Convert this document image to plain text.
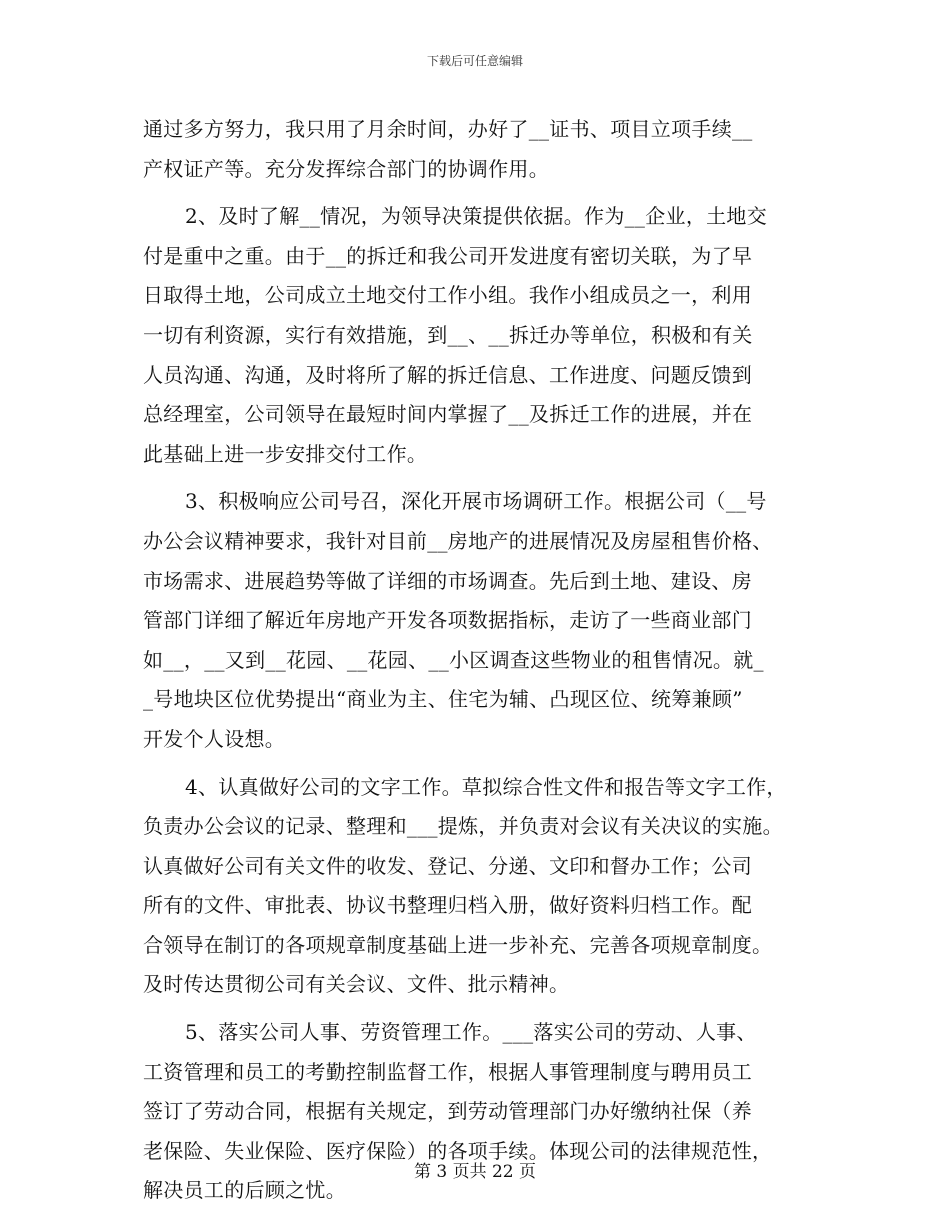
下载后可任意编辑
通过多方努力，我只用了月余时间，办好了__证书、项目立项手续__
产权证产等。充分发挥综合部门的协调作用。
2、及时了解__情况，为领导决策提供依据。作为__企业，土地交
付是重中之重。由于__的拆迁和我公司开发进度有密切关联，为了早
日取得土地，公司成立土地交付工作小组。我作小组成员之一，利用
一切有利资源，实行有效措施，到__、__拆迁办等单位，积极和有关
人员沟通、沟通，及时将所了解的拆迁信息、工作进度、问题反馈到
总经理室，公司领导在最短时间内掌握了__及拆迁工作的进展，并在
此基础上进一步安排交付工作。
3、积极响应公司号召，深化开展市场调研工作。根据公司（__号
办公会议精神要求，我针对目前__房地产的进展情况及房屋租售价格、
市场需求、进展趋势等做了详细的市场调查。先后到土地、建设、房
管部门详细了解近年房地产开发各项数据指标，走访了一些商业部门
如__，__又到__花园、__花园、__小区调查这些物业的租售情况。就_
_号地块区位优势提出“商业为主、住宅为辅、凸现区位、统筹兼顾”
开发个人设想。
4、认真做好公司的文字工作。草拟综合性文件和报告等文字工作，
负责办公会议的记录、整理和___提炼，并负责对会议有关决议的实施。
认真做好公司有关文件的收发、登记、分递、文印和督办工作；公司
所有的文件、审批表、协议书整理归档入册，做好资料归档工作。配
合领导在制订的各项规章制度基础上进一步补充、完善各项规章制度。
及时传达贯彻公司有关会议、文件、批示精神。
5、落实公司人事、劳资管理工作。___落实公司的劳动、人事、
工资管理和员工的考勤控制监督工作，根据人事管理制度与聘用员工
签订了劳动合同，根据有关规定，到劳动管理部门办好缴纳社保（养
老保险、失业保险、医疗保险）的各项手续。体现公司的法律规范性，
解决员工的后顾之忧。
第 3 页共 22 页
